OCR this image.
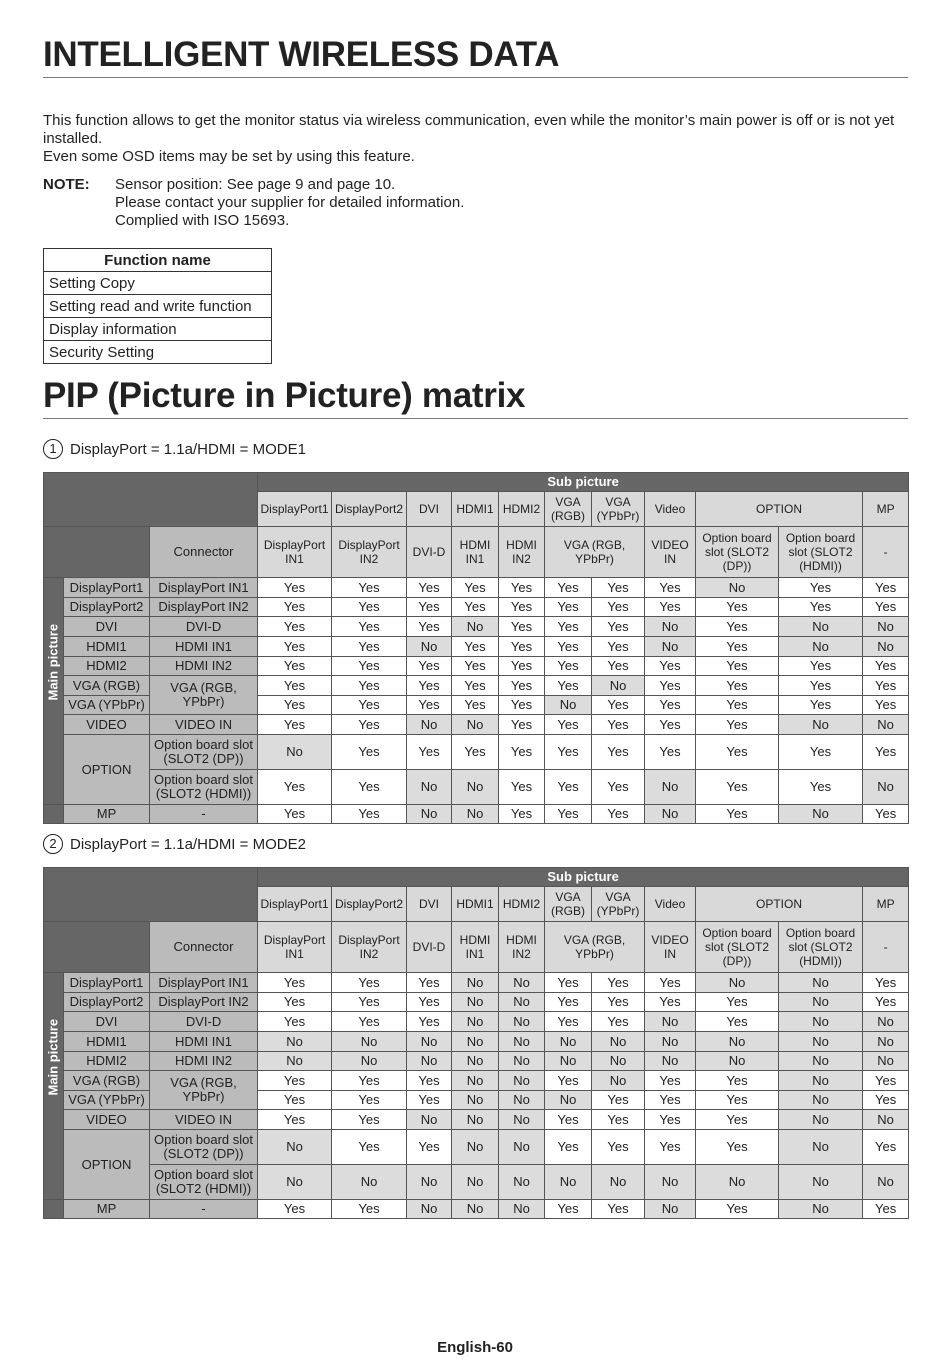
INTELLIGENT WIRELESS DATA
This function allows to get the monitor status via wireless communication, even while the monitor’s main power is off or is not yet installed.
Even some OSD items may be set by using this feature.
NOTE: Sensor position: See page 9 and page 10.
Please contact your supplier for detailed information.
Complied with ISO 15693.
Function name
Setting Copy
Setting read and write function
Display information
Security Setting
PIP (Picture in Picture) matrix
1 DisplayPort = 1.1a/HDMI = MODE1
			Sub picture										
			DisplayPort1	DisplayPort2	DVI	HDMI1	HDMI2	VGA (RGB)	VGA (YPbPr)	Video	OPTION		MP
		Connector	DisplayPort IN1	DisplayPort IN2	DVI-D	HDMI IN1	HDMI IN2	VGA (RGB, YPbPr)		VIDEO IN	Option board slot (SLOT2 (DP))	Option board slot (SLOT2 (HDMI))	-

Main picture	DisplayPort1	DisplayPort IN1	Yes	Yes	Yes	Yes	Yes	Yes	Yes	Yes	No	Yes	Yes
	DisplayPort2	DisplayPort IN2	Yes	Yes	Yes	Yes	Yes	Yes	Yes	Yes	Yes	Yes	Yes
	DVI	DVI-D	Yes	Yes	Yes	No	Yes	Yes	Yes	No	Yes	No	No
	HDMI1	HDMI IN1	Yes	Yes	No	Yes	Yes	Yes	Yes	No	Yes	No	No
	HDMI2	HDMI IN2	Yes	Yes	Yes	Yes	Yes	Yes	Yes	Yes	Yes	Yes	Yes
	VGA (RGB)	VGA (RGB, YPbPr)	Yes	Yes	Yes	Yes	Yes	Yes	No	Yes	Yes	Yes	Yes
	VGA (YPbPr)		Yes	Yes	Yes	Yes	Yes	No	Yes	Yes	Yes	Yes	Yes
	VIDEO	VIDEO IN	Yes	Yes	No	No	Yes	Yes	Yes	Yes	Yes	No	No
	OPTION	Option board slot (SLOT2 (DP))	No	Yes	Yes	Yes	Yes	Yes	Yes	Yes	Yes	Yes	Yes
		Option board slot (SLOT2 (HDMI))	Yes	Yes	No	No	Yes	Yes	Yes	No	Yes	Yes	No
	MP	-	Yes	Yes	No	No	Yes	Yes	Yes	No	Yes	No	Yes
2 DisplayPort = 1.1a/HDMI = MODE2
			Sub picture										
			DisplayPort1	DisplayPort2	DVI	HDMI1	HDMI2	VGA (RGB)	VGA (YPbPr)	Video	OPTION		MP
		Connector	DisplayPort IN1	DisplayPort IN2	DVI-D	HDMI IN1	HDMI IN2	VGA (RGB, YPbPr)		VIDEO IN	Option board slot (SLOT2 (DP))	Option board slot (SLOT2 (HDMI))	-

Main picture	DisplayPort1	DisplayPort IN1	Yes	Yes	Yes	No	No	Yes	Yes	Yes	No	No	Yes
	DisplayPort2	DisplayPort IN2	Yes	Yes	Yes	No	No	Yes	Yes	Yes	Yes	No	Yes
	DVI	DVI-D	Yes	Yes	Yes	No	No	Yes	Yes	No	Yes	No	No
	HDMI1	HDMI IN1	No	No	No	No	No	No	No	No	No	No	No
	HDMI2	HDMI IN2	No	No	No	No	No	No	No	No	No	No	No
	VGA (RGB)	VGA (RGB, YPbPr)	Yes	Yes	Yes	No	No	Yes	No	Yes	Yes	No	Yes
	VGA (YPbPr)		Yes	Yes	Yes	No	No	No	Yes	Yes	Yes	No	Yes
	VIDEO	VIDEO IN	Yes	Yes	No	No	No	Yes	Yes	Yes	Yes	No	No
	OPTION	Option board slot (SLOT2 (DP))	No	Yes	Yes	No	No	Yes	Yes	Yes	Yes	No	Yes
		Option board slot (SLOT2 (HDMI))	No	No	No	No	No	No	No	No	No	No	No
	MP	-	Yes	Yes	No	No	No	Yes	Yes	No	Yes	No	Yes
English-60
